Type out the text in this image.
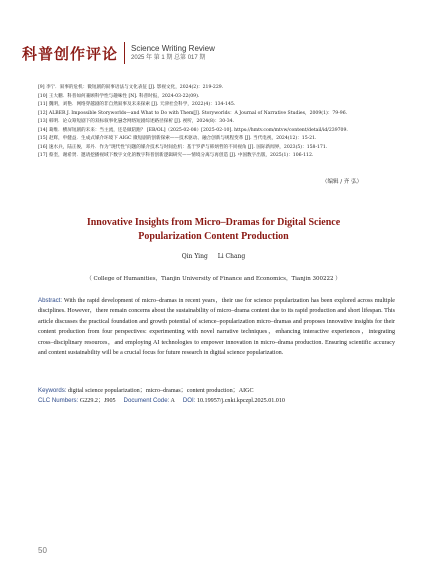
科普创作评论 Science Writing Review
2025 年 第 1 期 总第 017 期
[9] 李宁．叙事的危机：微短剧的叙事语法与文化表征 [J]. 影视文化，2024(2)：219-229.
[10] 王大鹏．科普如何兼顾科学性与趣味性 [N]. 科普时报，2024-03-22(09).
[11] 魏明，刘艳．网络穿越剧的非自然叙事及未来探索 [J]. 天津社会科学，2022(4)：134-145.
[12] ALBER J. Impossible Storyworlds—and What to Do with Them[J]. Storyworlds：A Journal of Narrative Studies，2009(1)：79-96.
[13] 韩明．论众筹短剧下的双标叙事化悬念网络短剧综述路径探析 [J]. 视听，2024(8)：30-34.
[14] 葛维．横屏短剧的未来：当主流，还是做陪跑？ [EB/OL]（2025-02-08）[2025-02-10]. https://hmtv.com/mtvw/content/detail/id/239709.
[15] 赵辉，申健益．生成式媒介环境下 AIGC 微短剧的创新探索——技术驱动、融合创新与规程变革 [J]. 当代电视，2024(12)：15-21.
[16] 速水兵，陆正俊，邓丹．作为“现代性”问题的媒介技术与时间危机：基于罗萨与韩炳哲的不同视角 [J]. 国际新闻界，2023(5)：158-171.
[17] 蔡奎，谢希贤．邀请挖播视域下数字文化的数字科普创新逻辑研究——情境分离与再创造 [J]. 中国数字出版，2025(1)：106-112.
（编辑 / 齐 弘）
Innovative Insights from Micro–Dramas for Digital Science
Popularization Content Production
Qin Ying Li Chang
（ College of Humanities，Tianjin University of Finance and Economics，Tianjin 300222 ）
Abstract: With the rapid development of micro–dramas in recent years，their use for science popularization has been explored across multiple disciplines. However，there remain concerns about the sustainability of micro–drama content due to its rapid production and short lifespan. This article discusses the practical foundation and growth potential of science–popularization micro–dramas and proposes innovative insights for their content production from four perspectives: experimenting with novel narrative techniques，enhancing interactive experiences，integrating cross–disciplinary resources，and employing AI technologies to empower innovation in micro–drama production. Ensuring scientific accuracy and content sustainability will be a crucial focus for future research in digital science popularization.
Keywords: digital science popularization；micro–dramas；content production；AIGC
CLC Numbers: G229.2；J905 Document Code: A DOI: 10.19957/j.cnki.kpczpl.2025.01.010
50
